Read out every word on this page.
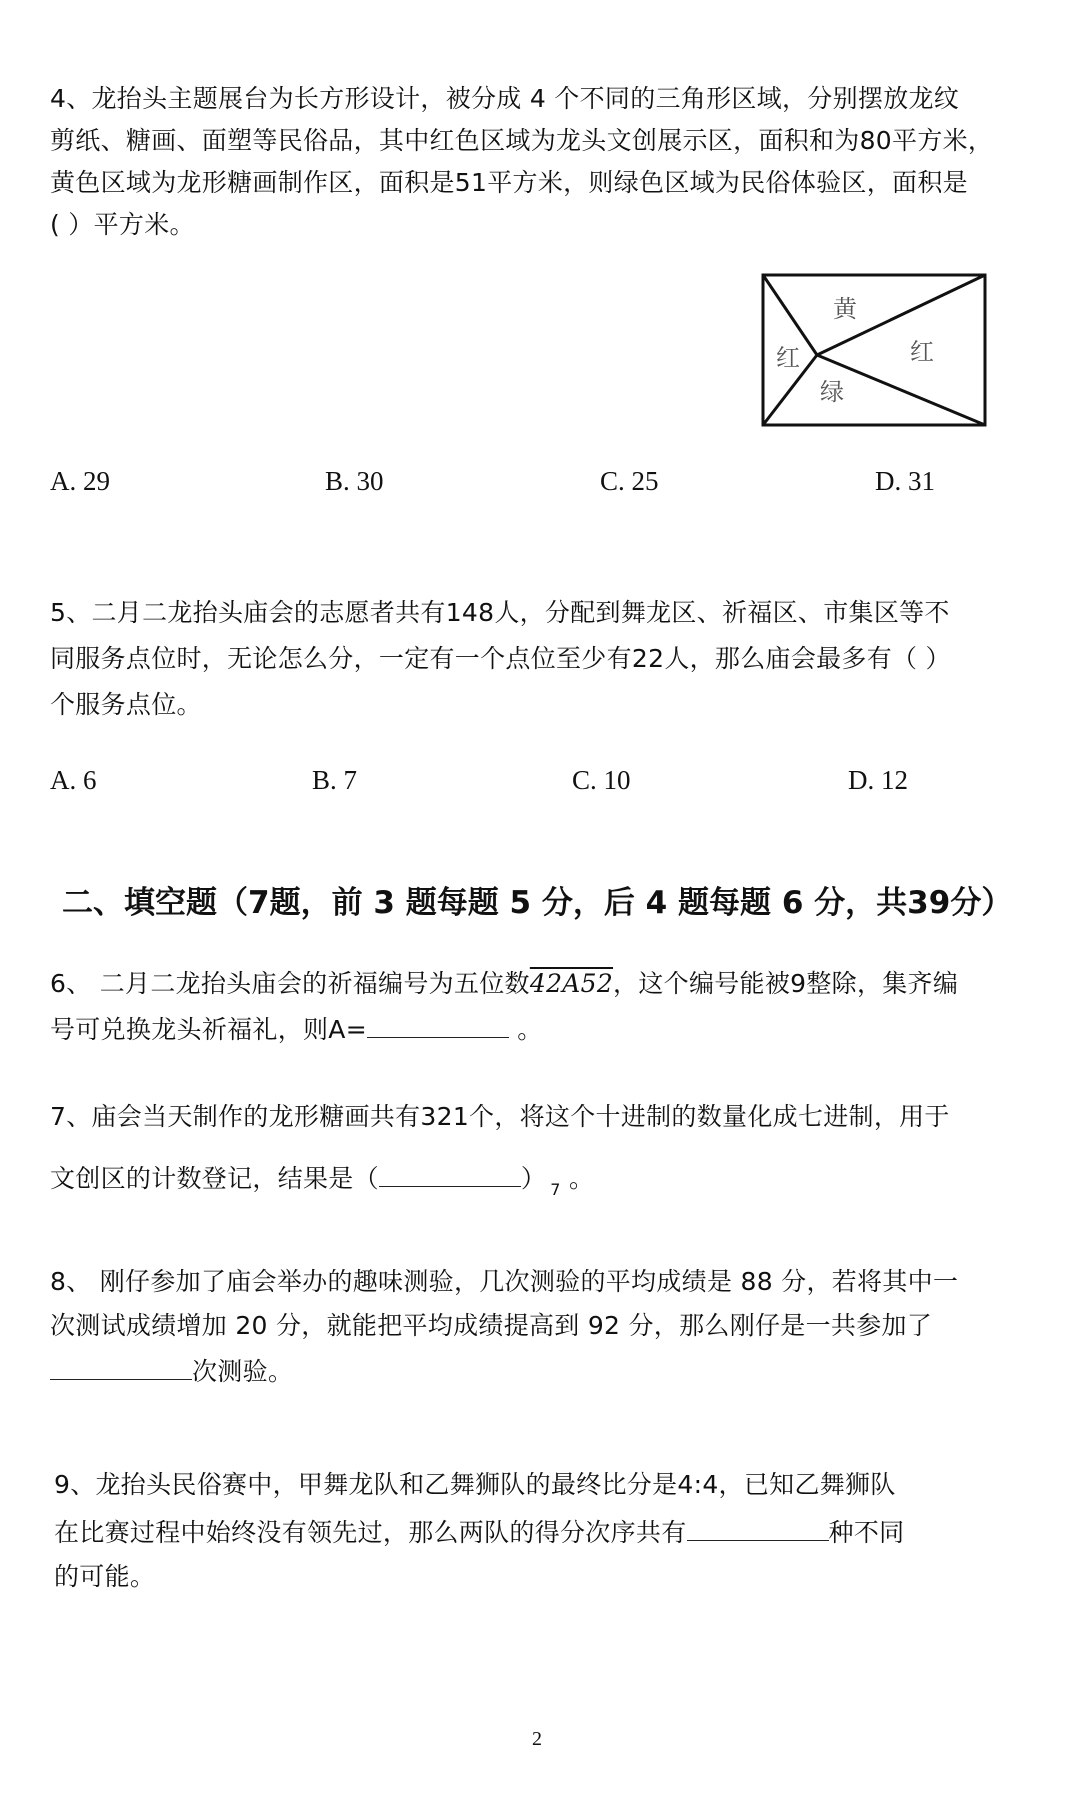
4、龙抬头主题展台为长方形设计，被分成 4 个不同的三角形区域，分别摆放龙纹
剪纸、糖画、面塑等民俗品，其中红色区域为龙头文创展示区，面积和为80平方米，
黄色区域为龙形糖画制作区，面积是51平方米，则绿色区域为民俗体验区，面积是
( ）平方米。
黄
红	红
绿
A. 29	B. 30	C. 25	D. 31
5、二月二龙抬头庙会的志愿者共有148人，分配到舞龙区、祈福区、市集区等不
同服务点位时，无论怎么分，一定有一个点位至少有22人，那么庙会最多有（ ）
个服务点位。
A. 6	B. 7	C. 10	D. 12
二、填空题（7题，前 3 题每题 5 分，后 4 题每题 6 分，共39分）
6、 二月二龙抬头庙会的祈福编号为五位数42A52，这个编号能被9整除，集齐编
号可兑换龙头祈福礼，则A=	。
7、庙会当天制作的龙形糖画共有321个，将这个十进制的数量化成七进制，用于
文创区的计数登记，结果是（	） $_7$ 。
8、 刚仔参加了庙会举办的趣味测验，几次测验的平均成绩是 88 分，若将其中一
次测试成绩增加 20 分，就能把平均成绩提高到 92 分，那么刚仔是一共参加了
次测验。
9、龙抬头民俗赛中，甲舞龙队和乙舞狮队的最终比分是4:4，已知乙舞狮队
在比赛过程中始终没有领先过，那么两队的得分次序共有	种不同
的可能。
2
